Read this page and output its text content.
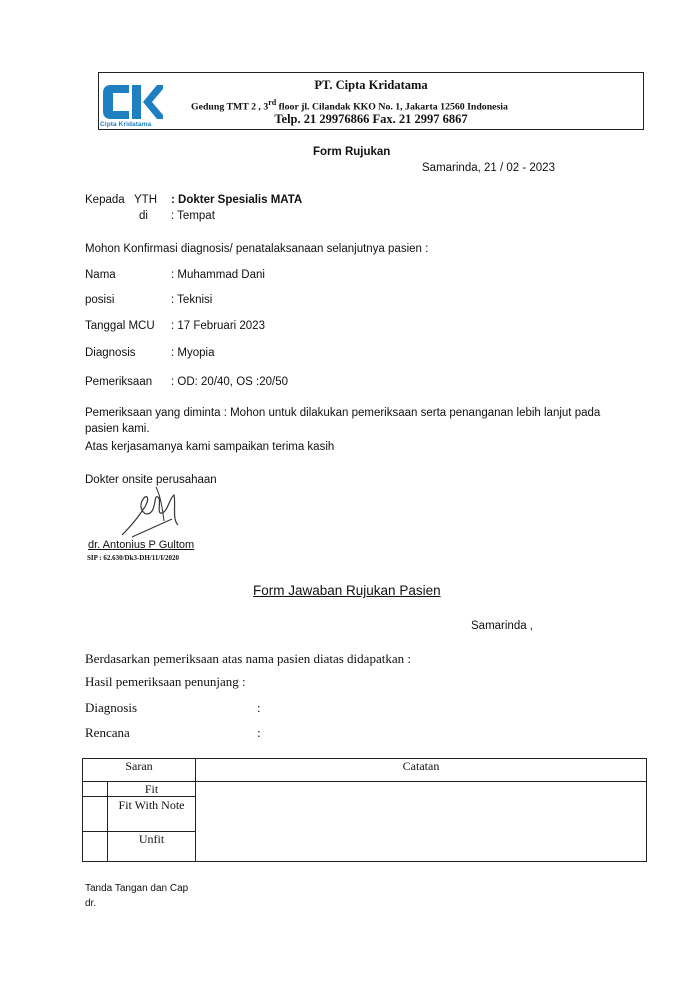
Cipta Kridatama
PT. Cipta Kridatama
Gedung TMT 2 , 3rd floor jl. Cilandak KKO No. 1, Jakarta 12560 Indonesia
Telp. 21 29976866 Fax. 21 2997 6867
Form Rujukan
Samarinda, 21 / 02 - 2023
Kepada YTH : Dokter Spesialis MATA
di : Tempat
Mohon Konfirmasi diagnosis/ penatalaksanaan selanjutnya pasien :
Nama	: Muhammad Dani
posisi	: Teknisi
Tanggal MCU : 17 Februari 2023
Diagnosis	: Myopia
Pemeriksaan : OD: 20/40, OS :20/50
Pemeriksaan yang diminta : Mohon untuk dilakukan pemeriksaan serta penanganan lebih lanjut pada
pasien kami.
Atas kerjasamanya kami sampaikan terima kasih
Dokter onsite perusahaan
dr. Antonius P Gultom
SIP : 62.630/Dk3-DH/11/I/2020
Form Jawaban Rujukan Pasien
Samarinda ,
Berdasarkan pemeriksaan atas nama pasien diatas didapatkan :
Hasil pemeriksaan penunjang :
Diagnosis	:
Rencana	:
Saran		Catatan
	Fit	
	Fit With Note	
	Unfit	
Tanda Tangan dan Cap
dr.
